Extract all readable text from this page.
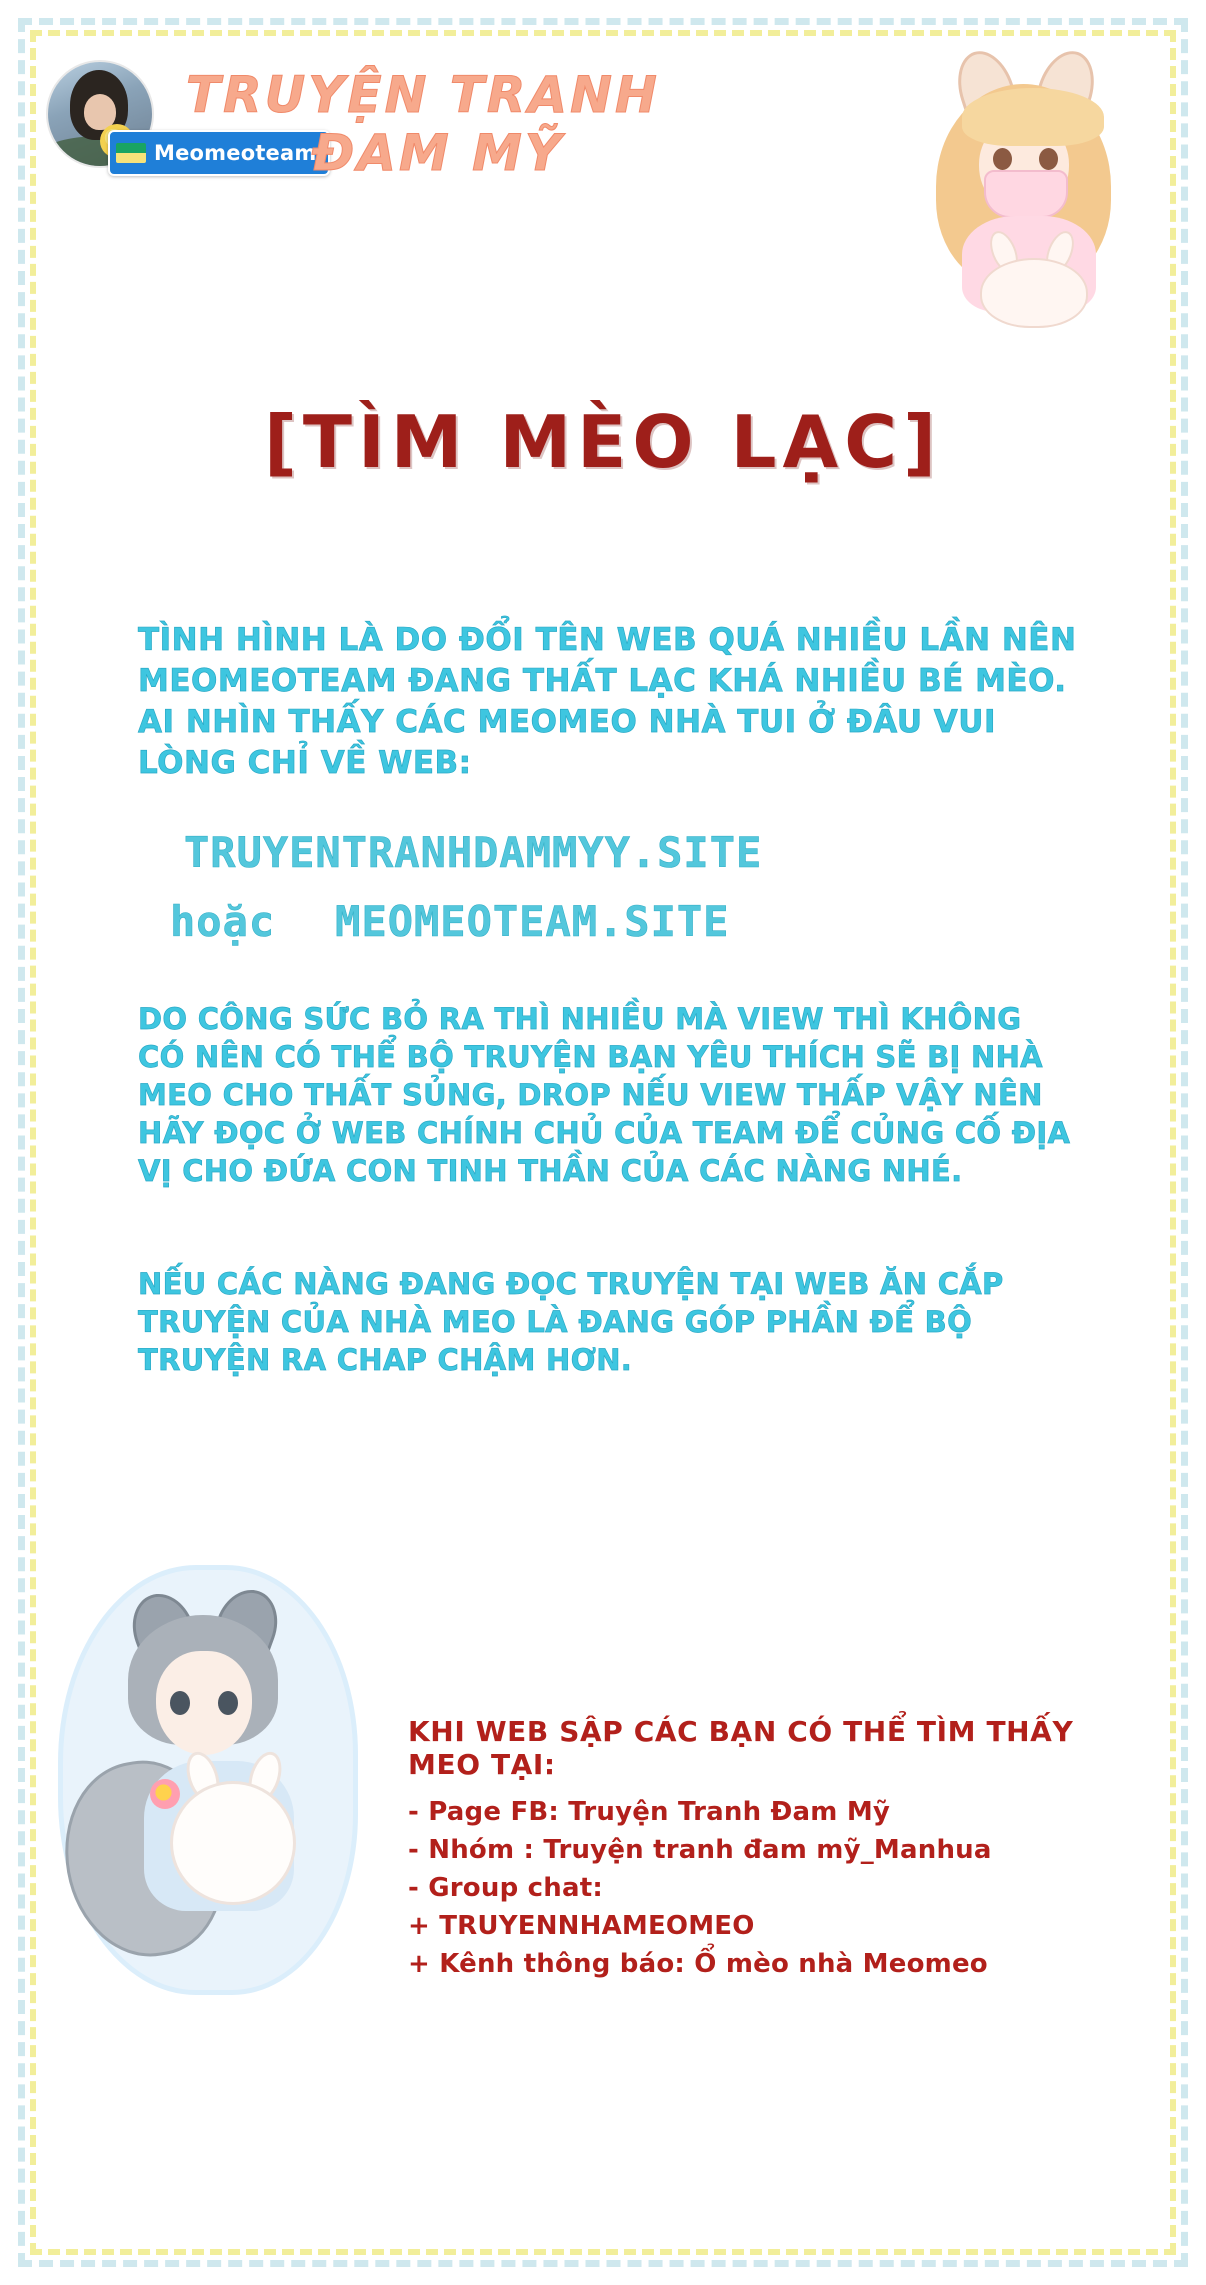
Meomeoteam
TRUYỆN TRANH
ĐAM MỸ
[TÌM MÈO LẠC]
TÌNH HÌNH LÀ DO ĐỔI TÊN WEB QUÁ NHIỀU LẦN NÊN MEOMEOTEAM ĐANG THẤT LẠC KHÁ NHIỀU BÉ MÈO. AI NHÌN THẤY CÁC MEOMEO NHÀ TUI Ở ĐÂU VUI LÒNG CHỈ VỀ WEB:
TRUYENTRANHDAMMYY.SITE
hoặc MEOMEOTEAM.SITE
DO CÔNG SỨC BỎ RA THÌ NHIỀU MÀ VIEW THÌ KHÔNG CÓ NÊN CÓ THỂ BỘ TRUYỆN BẠN YÊU THÍCH SẼ BỊ NHÀ MEO CHO THẤT SỦNG, DROP NẾU VIEW THẤP VẬY NÊN HÃY ĐỌC Ở WEB CHÍNH CHỦ CỦA TEAM ĐỂ CỦNG CỐ ĐỊA VỊ CHO ĐỨA CON TINH THẦN CỦA CÁC NÀNG NHÉ.
NẾU CÁC NÀNG ĐANG ĐỌC TRUYỆN TẠI WEB ĂN CẮP TRUYỆN CỦA NHÀ MEO LÀ ĐANG GÓP PHẦN ĐỂ BỘ TRUYỆN RA CHAP CHẬM HƠN.
KHI WEB SẬP CÁC BẠN CÓ THỂ TÌM THẤY MEO TẠI:
- Page FB: Truyện Tranh Đam Mỹ
- Nhóm : Truyện tranh đam mỹ_Manhua
- Group chat:
+ TRUYENNHAMEOMEO
+ Kênh thông báo: Ổ mèo nhà Meomeo
